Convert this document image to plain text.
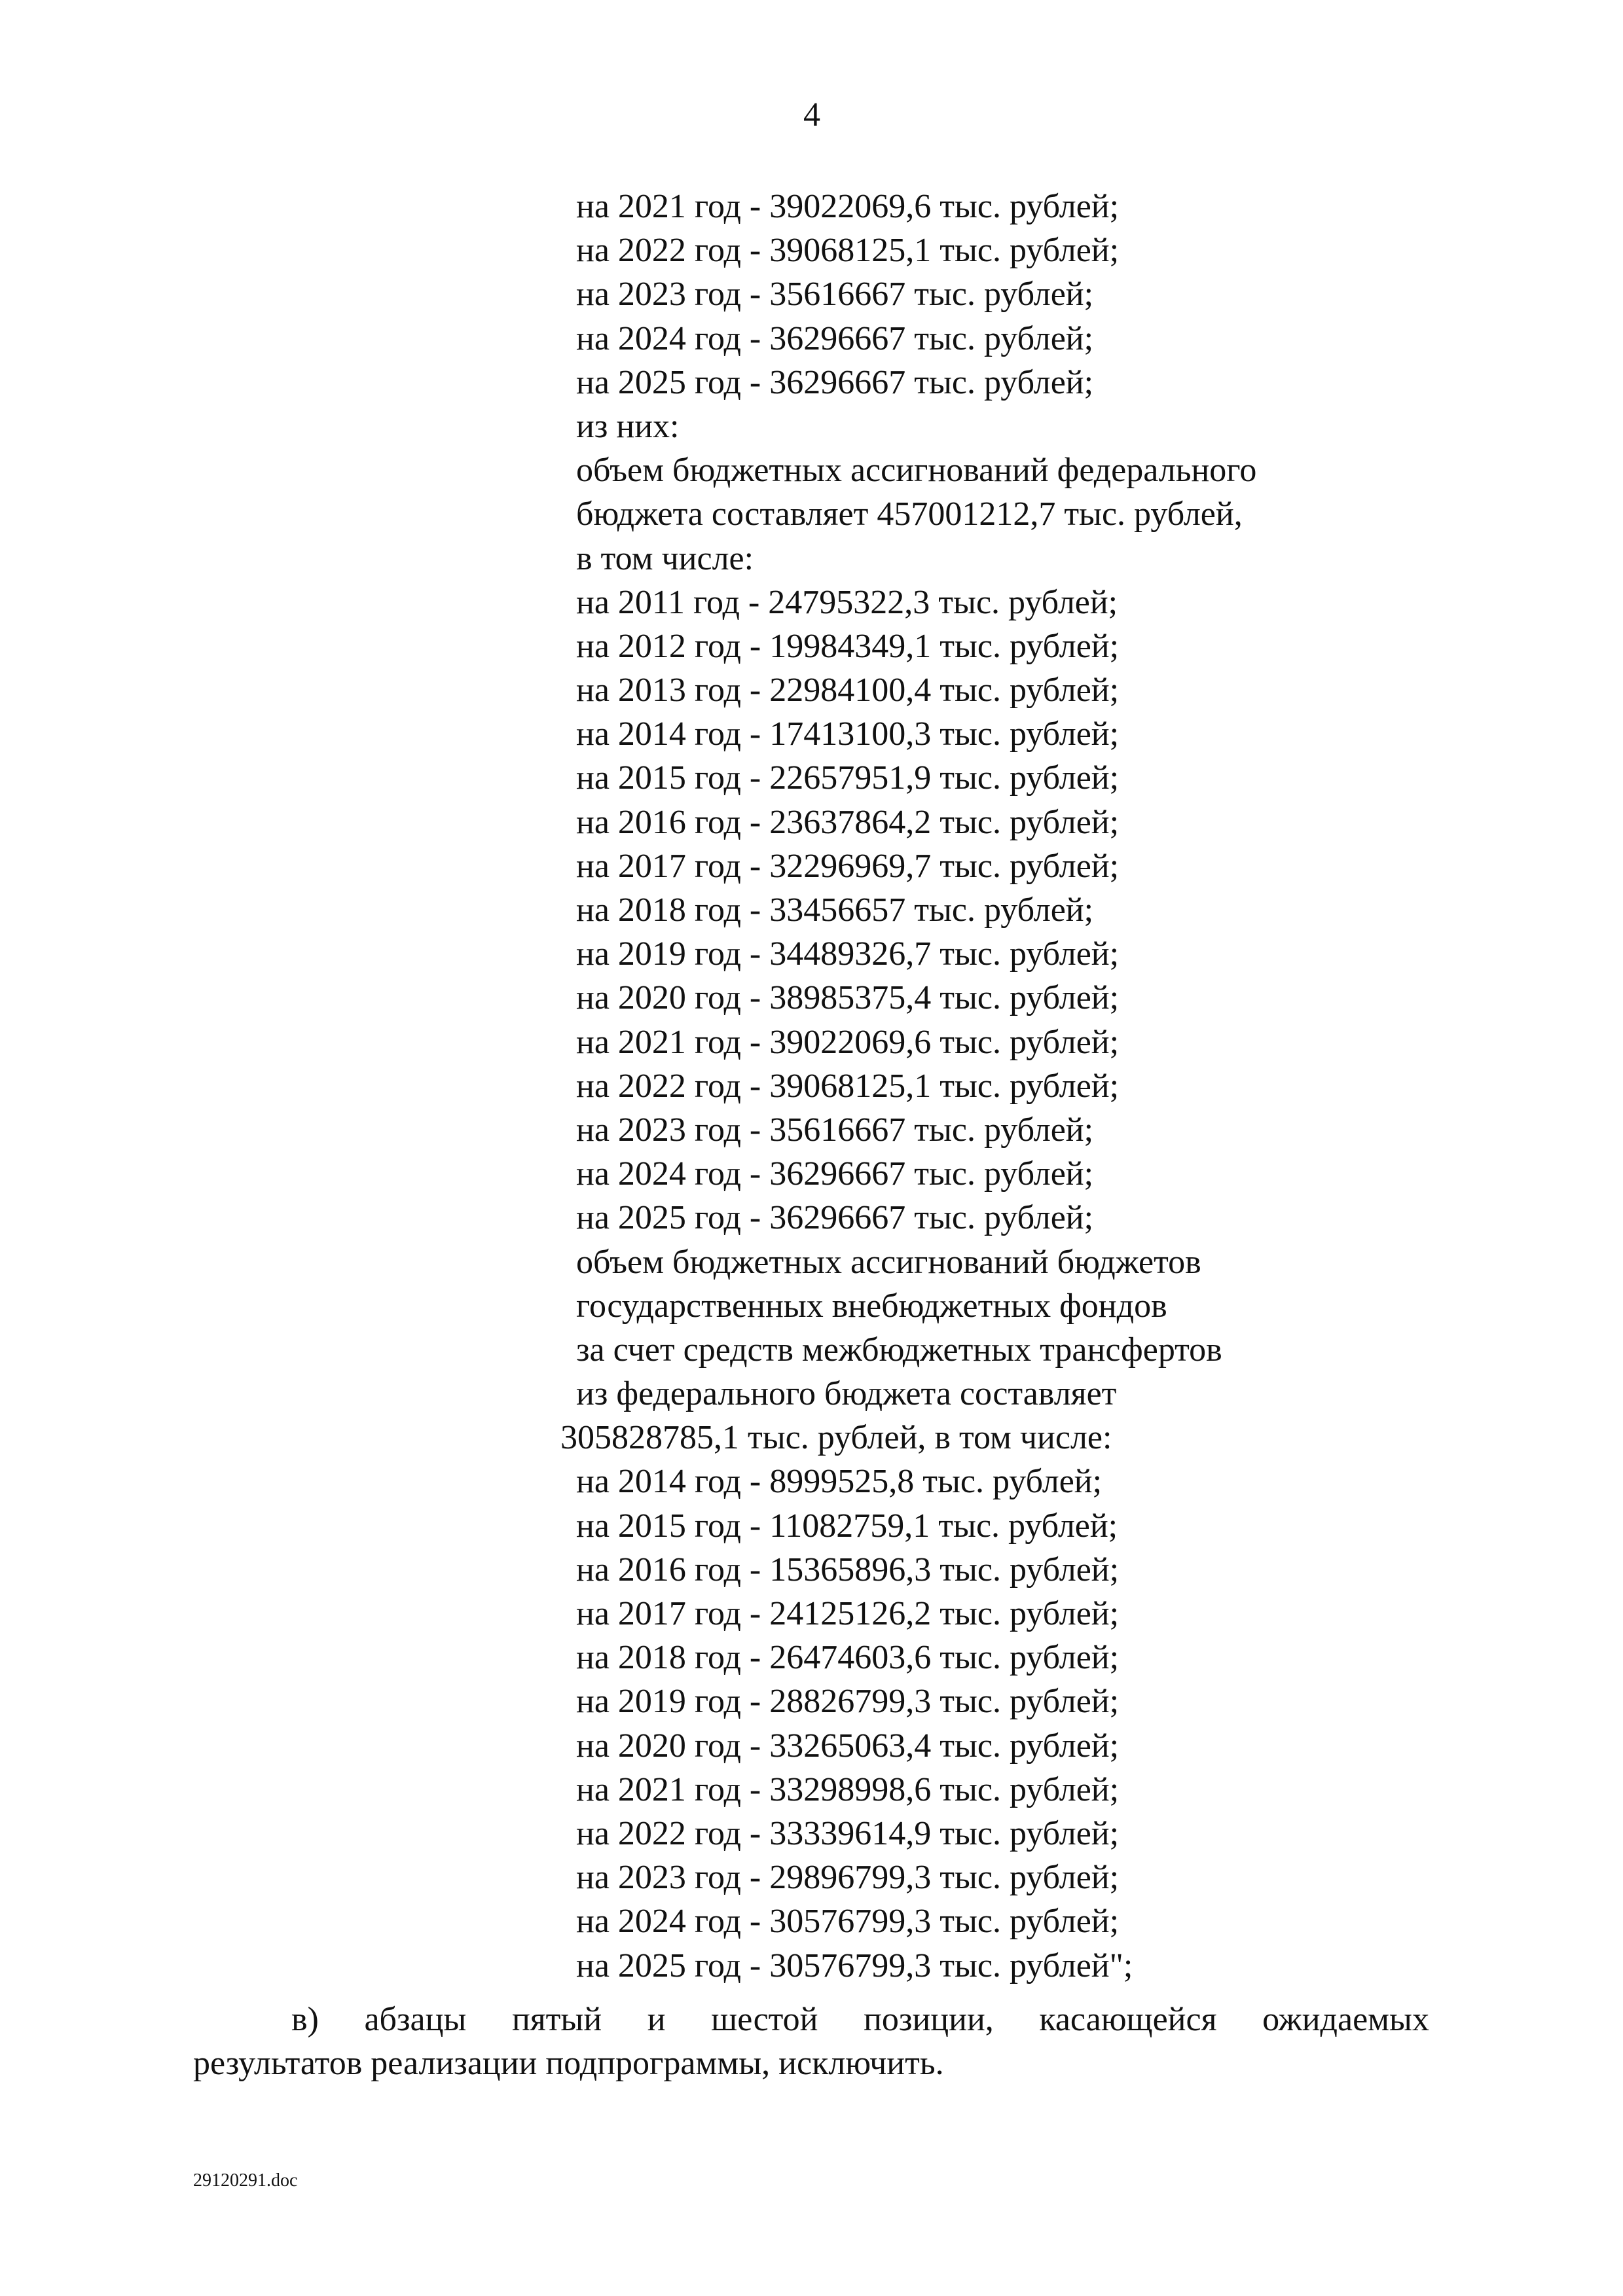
4
на 2021 год - 39022069,6 тыс. рублей;
на 2022 год - 39068125,1 тыс. рублей;
на 2023 год - 35616667 тыс. рублей;
на 2024 год - 36296667 тыс. рублей;
на 2025 год - 36296667 тыс. рублей;
из них:
объем бюджетных ассигнований федерального
бюджета составляет 457001212,7 тыс. рублей,
в том числе:
на 2011 год - 24795322,3 тыс. рублей;
на 2012 год - 19984349,1 тыс. рублей;
на 2013 год - 22984100,4 тыс. рублей;
на 2014 год - 17413100,3 тыс. рублей;
на 2015 год - 22657951,9 тыс. рублей;
на 2016 год - 23637864,2 тыс. рублей;
на 2017 год - 32296969,7 тыс. рублей;
на 2018 год - 33456657 тыс. рублей;
на 2019 год - 34489326,7 тыс. рублей;
на 2020 год - 38985375,4 тыс. рублей;
на 2021 год - 39022069,6 тыс. рублей;
на 2022 год - 39068125,1 тыс. рублей;
на 2023 год - 35616667 тыс. рублей;
на 2024 год - 36296667 тыс. рублей;
на 2025 год - 36296667 тыс. рублей;
объем бюджетных ассигнований бюджетов
государственных внебюджетных фондов
за счет средств межбюджетных трансфертов
из федерального бюджета составляет
305828785,1 тыс. рублей, в том числе:
на 2014 год - 8999525,8 тыс. рублей;
на 2015 год - 11082759,1 тыс. рублей;
на 2016 год - 15365896,3 тыс. рублей;
на 2017 год - 24125126,2 тыс. рублей;
на 2018 год - 26474603,6 тыс. рублей;
на 2019 год - 28826799,3 тыс. рублей;
на 2020 год - 33265063,4 тыс. рублей;
на 2021 год - 33298998,6 тыс. рублей;
на 2022 год - 33339614,9 тыс. рублей;
на 2023 год - 29896799,3 тыс. рублей;
на 2024 год - 30576799,3 тыс. рублей;
на 2025 год - 30576799,3 тыс. рублей";
в) абзацы пятый и шестой позиции, касающейся ожидаемых
результатов реализации подпрограммы, исключить.
29120291.doc
